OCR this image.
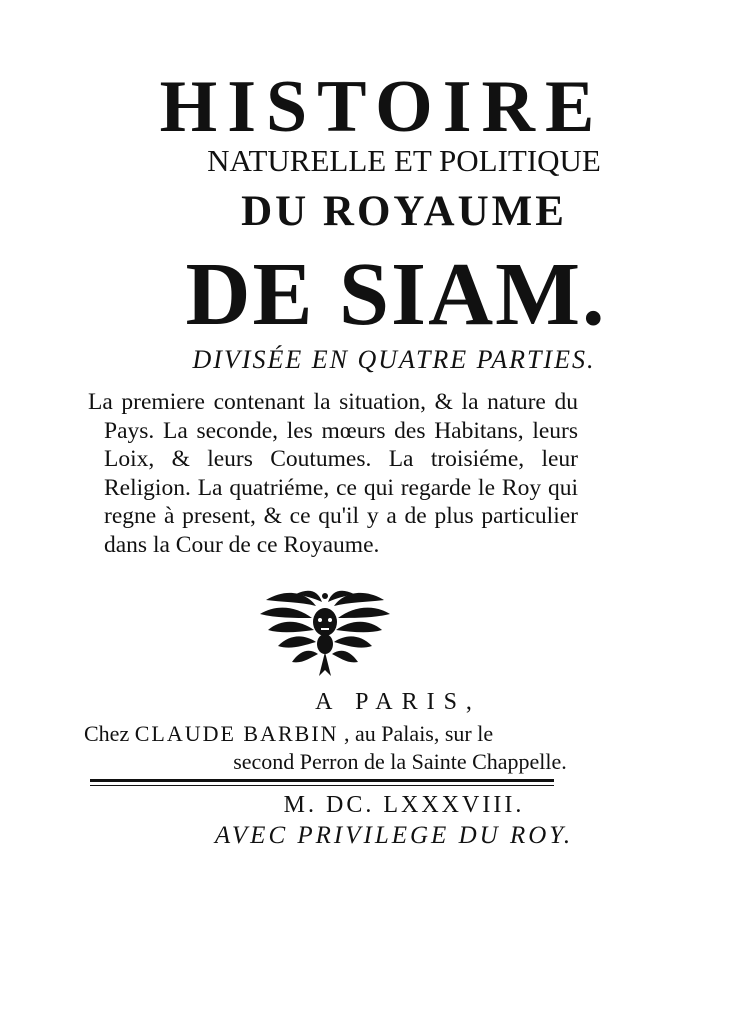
HISTOIRE
NATURELLE ET POLITIQUE
DU ROYAUME
DE SIAM.
DIVISÉE EN QUATRE PARTIES.
La premiere contenant la situation, & la nature du Pays. La seconde, les mœurs des Habitans, leurs Loix, & leurs Coutumes. La troisiéme, leur Religion. La quatriéme, ce qui regarde le Roy qui regne à present, & ce qu'il y a de plus particulier dans la Cour de ce Royaume.
A PARIS,
Chez CLAUDE BARBIN , au Palais, sur le
second Perron de la Sainte Chappelle.
M. DC. LXXXVIII.
AVEC PRIVILEGE DU ROY.
